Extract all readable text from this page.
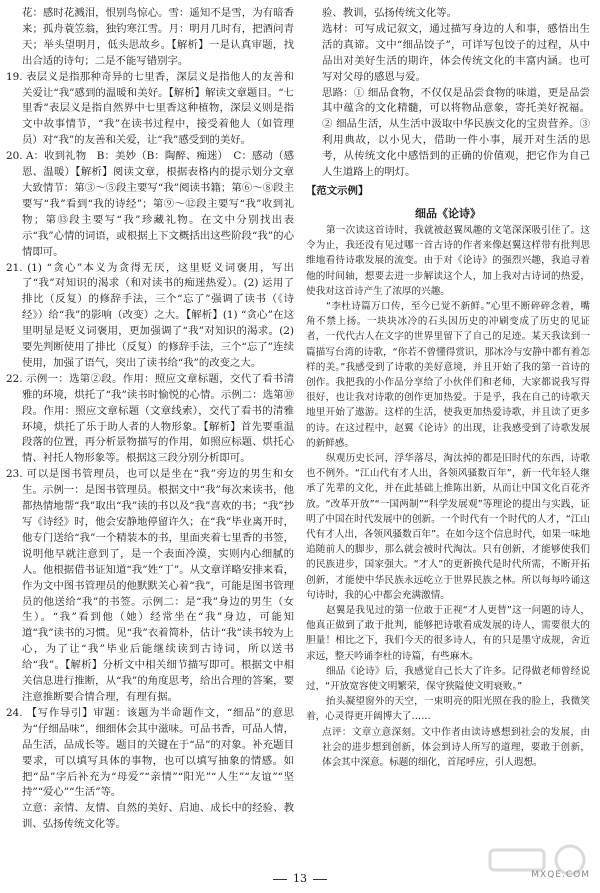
花：感时花溅泪，恨别鸟惊心。雪：遥知不是雪，为有暗香来；孤舟蓑笠翁，独钓寒江雪。月：明月几时有，把酒问青天；举头望明月，低头思故乡。【解析】一是认真审题，找出合适的诗句；二是不能写错别字。

19. 表层义是指那种奇异的七里香，深层义是指他人的友善和关爱让“我”感到的温暖和美好。【解析】解读文章题目。“七里香”表层义是指自然界中七里香这种植物，深层义则是指文中故事情节，“我”在读书过程中，接受着他人（如管理员）对“我”的友善和关爱，让“我”感受到的美好。

20. A：收到礼物　B：美妙（B：陶醉、痴迷）　C：感动（感恩、温暖）【解析】阅读文章，根据表格内的提示划分文章大致情节：第③～⑤段主要写“我”阅读书籍；第⑥～⑧段主要写“我”看到“我的诗经”；第⑨～⑫段主要写“我”收到礼物；第⑬段主要写“我”珍藏礼物。在文中分别找出表示“我”心情的词语，或根据上下文概括出这些阶段“我”的心情即可。

21. (1) “贪心”本义为贪得无厌，这里贬义词褒用，写出了“我”对知识的渴求（和对读书的痴迷热爱）。(2) 运用了排比（反复）的修辞手法，三个“忘了”强调了读书（《诗经》）给“我”的影响（改变）之大。【解析】(1) “贪心”在这里明显是贬义词褒用，更加强调了“我”对知识的渴求。(2) 要先判断使用了排比（反复）的修辞手法，三个“忘了”连续使用，加强了语气，突出了读书给“我”的改变之大。

22. 示例一：选第②段。作用：照应文章标题，交代了看书清雅的环境，烘托了“我”读书时愉悦的心情。示例二：选第⑩段。作用：照应文章标题（文章线索），交代了看书的清雅环境，烘托了乐于助人者的人物形象。【解析】首先要重温段落的位置，再分析景物描写的作用，如照应标题、烘托心情、衬托人物形象等。根据这三段分别分析即可。

23. 可以是图书管理员，也可以是坐在“我”旁边的男生和女生。示例一：是图书管理员。根据文中“我”每次来读书，他都热情地帮“我”取出“我”读的书以及“我”喜欢的书；“我”抄写《诗经》时，他会安静地停留许久；在“我”毕业离开时，他专门送给“我”一个精装本的书，里面夹着七里香的书签，说明他早就注意到了，是一个表面冷漠，实则内心细腻的人。他根据借书证知道“我”姓“丁”。从文章详略安排来看，作为文中图书管理员的他默默关心着“我”，可能是图书管理员的他送给“我”的书签。示例二：是“我”身边的男生（女生）。“我”看到他（她）经常坐在“我”身边，可能知道“我”读书的习惯。见“我”衣着简朴，估计“我”读书较为上心，为了让“我”毕业后能继续读到古诗词，所以送书给“我”。【解析】分析文中相关细节描写即可。根据文中相关信息进行推断，从“我”的角度思考，给出合理的答案，要注意推断要合情合理，有理有据。

24. 【写作导引】审题：该题为半命题作文，“细品”的意思为“仔细品味”，细细体会其中滋味。可品书香，可品人情，品生活，品成长等。题目的关键在于“品”的对象。补充题目要求，可以填写具体的事物，也可以填写抽象的情感。如把“品”字后补充为“母爱”“亲情”“阳光”“人生”“友谊”“坚持”“爱心”“生活”等。

立意：亲情、友情、自然的美好、启迪、成长中的经验、教训、弘扬传统文化等。

验、教训，弘扬传统文化等。

选材：可写成记叙文，通过描写身边的人和事，感悟出生活的真谛。文中“细品饺子”，可详写包饺子的过程，从中品出对美好生活的期许，体会传统文化的丰富内涵。也可写对父母的感恩与爱。

思路：① 细品食物，不仅仅是品尝食物的味道，更是品尝其中蕴含的文化精髓，可以将物品意象，寄托美好祝福。② 细品生活，从生活中汲取中华民族文化的宝贵营养。③ 利用典故，以小见大，借助一件小事，展开对生活的思考，从传统文化中感悟到的正确的价值观，把它作为自己人生道路上的明灯。

【范文示例】

细品《论诗》

第一次读这首诗时，我就被赵翼凤趣的文笔深深吸引住了。这令为止，我还没有见过哪一首古诗的作者来像赵翼这样带有批判思维地看待诗歌发展的流变。由于对《论诗》的强烈兴趣，我追寻着他的时间轴，想要去进一步解读这个人，加上我对古诗词的热爱，使我对这首诗产生了浓厚的兴趣。

“李杜诗篇万口传，至今已觉不新鲜。”心里不断碎碎念着，嘴角不禁上扬。一块块冰冷的石头因历史的冲刷变成了历史的见证者，一代代古人在文字的世界里留下了自己的足迹。某天我读到一篇描写台湾的诗歌，“你若不曾懂得赏识，那冰冷与安静中都有着怎样的美。”我感受到了诗歌的美好意境，并且开始了我的第一首诗的创作。我把我的小作品分享给了小伙伴们和老师，大家都说我写得很好，也让我对诗歌的创作更加热爱。于是乎，我在自己的诗歌天地里开始了遨游。这样的生活，使我更加热爱诗歌，并且读了更多的诗。在这过程中，赵翼《论诗》的出现，让我感受到了诗歌发展的新鲜感。

纵观历史长河，浮华落尽，淘汰掉的都是旧时代的东西，诗歌也不例外。“江山代有才人出，各领风骚数百年”，新一代年轻人继承了先辈的文化，并在此基础上推陈出新，从而让中国文化百花齐放。“改革开放”“一国两制”“科学发展观”等理论的提出与实践，证明了中国在时代发展中的创新。一个时代有一个时代的人才，“江山代有才人出，各领风骚数百年”。在如今这个信息时代，如果一味地追随前人的脚步，那么就会被时代淘汰。只有创新，才能够使我们的民族进步，国家强大。“才人”的更新换代是时代所需，不断开拓创新，才能使中华民族永远屹立于世界民族之林。所以每每吟诵这句诗时，我的心中都会充满激情。

赵翼是我见过的第一位敢于正视“才人更替”这一问题的诗人，他真正做到了敢于批判，能够把诗歌看成发展的诗人，需要很大的胆量！相比之下，我们今天的很多诗人，有的只是墨守成规，舍近求远，整天吟诵李杜的诗篇，有些麻木。

细品《论诗》后，我感觉自己长大了许多。记得做老师曾经说过，“开放宽容使文明繁荣，保守狭隘使文明衰败。”

抬头凝望窗外的天空，一束明亮的阳光照在我的脸上，我微笑着，心灵得更开阔博大了……

点评：文章立意深刻。文中作者由读诗感想到社会的发展，由社会的进步想到创新，体会到诗人所写的道理，要敢于创新，体会其中深意。标题的细化，首尾呼应，引人遐想。

13	MXQE.COM
